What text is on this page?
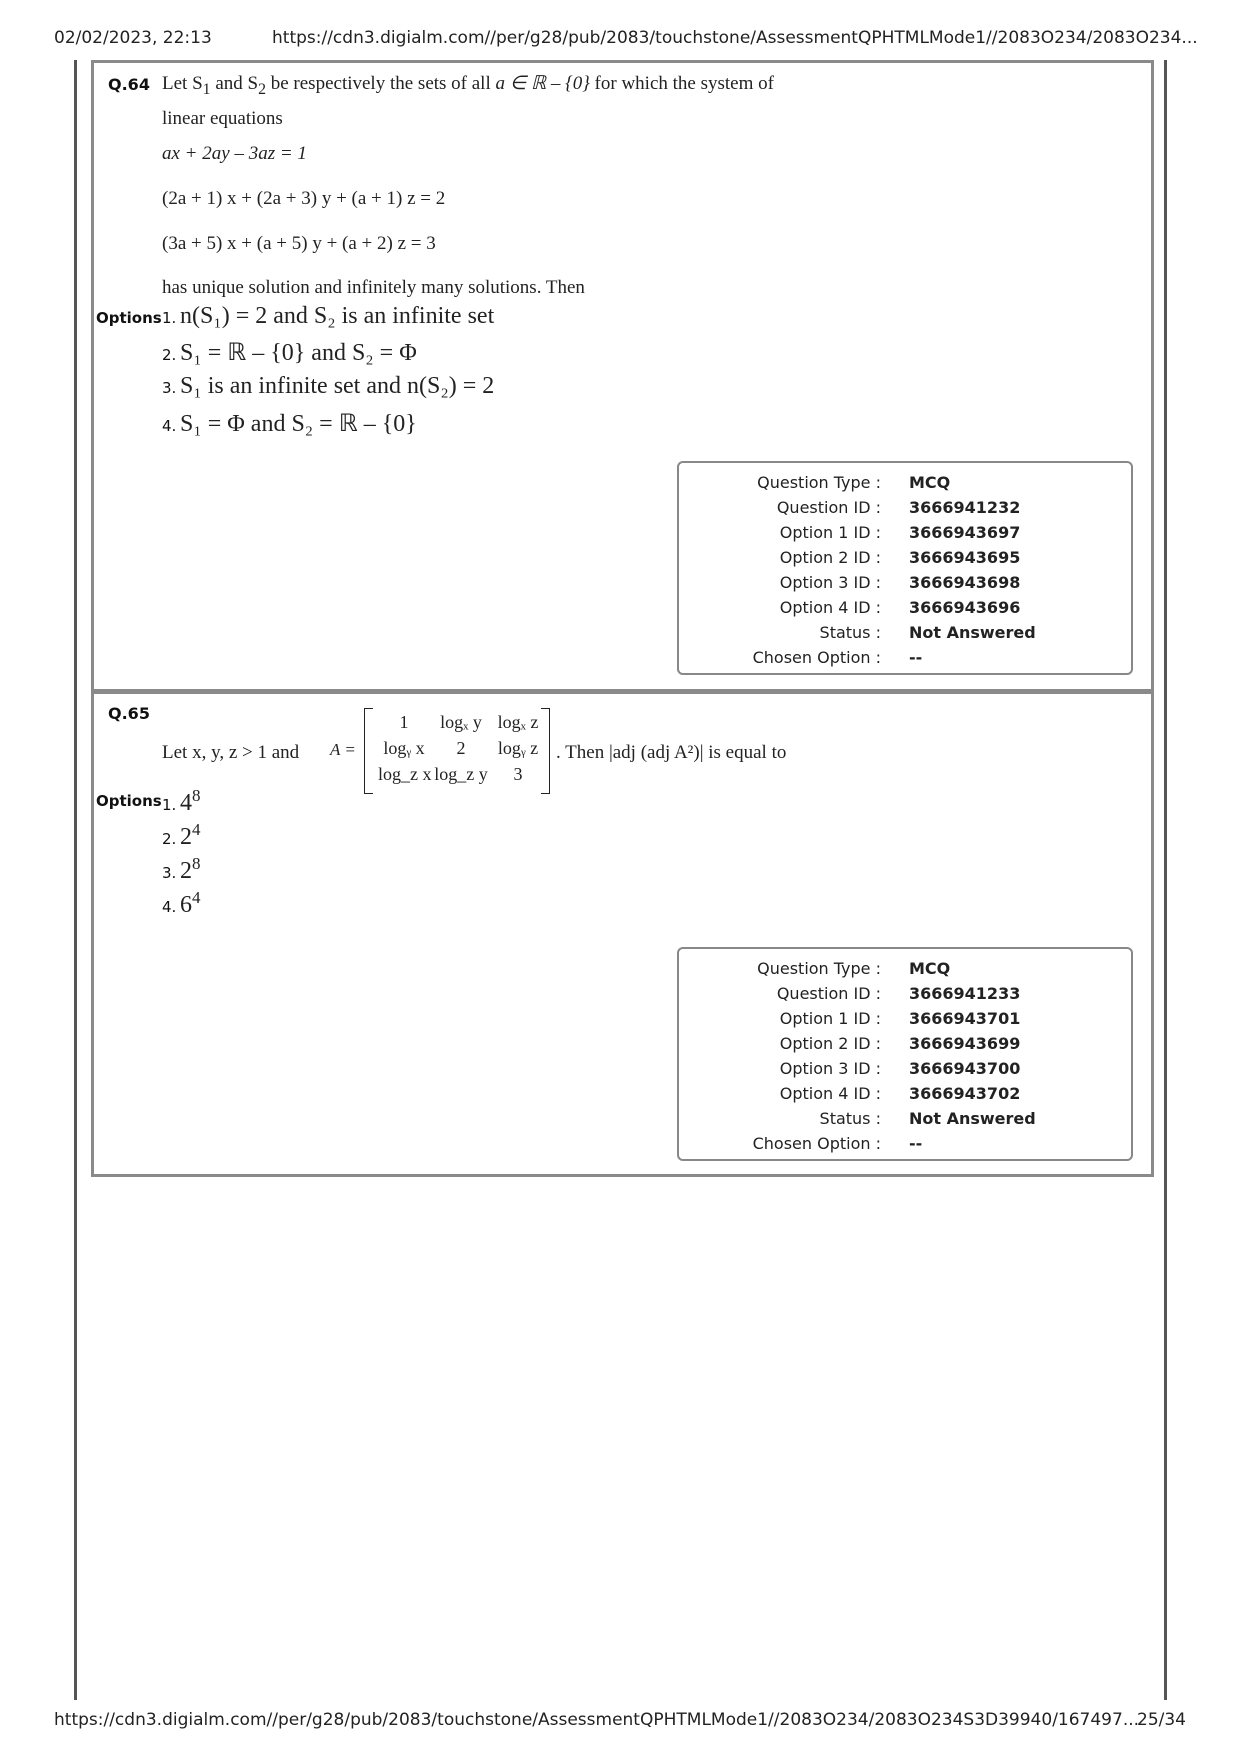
02/02/2023, 22:13	https://cdn3.digialm.com//per/g28/pub/2083/touchstone/AssessmentQPHTMLMode1//2083O234/2083O234...
Q.64 Let $S_1$ and $S_2$ be respectively the sets of all a ∈ ℝ – {0} for which the system of
linear equations
ax + 2ay – 3az = 1
(2a + 1) x + (2a + 3) y + (a + 1) z = 2
(3a + 5) x + (a + 5) y + (a + 2) z = 3
has unique solution and infinitely many solutions. Then
Options 1. n(S₁) = 2 and S₂ is an infinite set
2. S₁ = ℝ – {0} and S₂ = Φ
3. S₁ is an infinite set and n(S₂) = 2
4. S₁ = Φ and S₂ = ℝ – {0}
Question Type : MCQ
Question ID : 3666941232
Option 1 ID : 3666943697
Option 2 ID : 3666943695
Option 3 ID : 3666943698
Option 4 ID : 3666943696
Status : Not Answered
Chosen Option : --
Q.65
Let x, y, z > 1 and A =
1	logₓ y logₓ z
logᵧ x	2	logᵧ z
log_z x log_z y	3
. Then |adj (adj A²)| is equal to
Options 1. $4^8$
2. $2^4$
3. $2^8$
4. $6^4$
Question Type : MCQ
Question ID : 3666941233
Option 1 ID : 3666943701
Option 2 ID : 3666943699
Option 3 ID : 3666943700
Option 4 ID : 3666943702
Status : Not Answered
Chosen Option : --
https://cdn3.digialm.com//per/g28/pub/2083/touchstone/AssessmentQPHTMLMode1//2083O234/2083O234S3D39940/167497...
25/34
